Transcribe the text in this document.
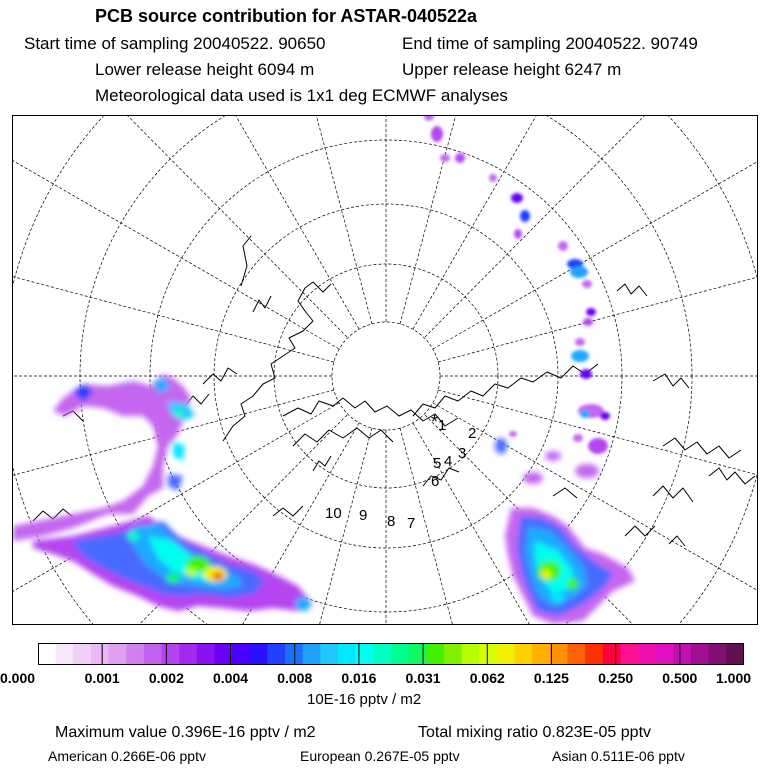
PCB source contribution for ASTAR-040522a
Start time of sampling 20040522. 90650	End time of sampling 20040522. 90749
Lower release height 6094 m	Upper release height 6247 m
Meteorological data used is 1x1 deg ECMWF analyses
1 2
3
4
5
6
7
8
9
10
*
0.000	0.001 0.002 0.004 0.008 0.016 0.031 0.062 0.125 0.250 0.500 1.000
10E-16 pptv / m2
Maximum value 0.396E-16 pptv / m2	Total mixing ratio 0.823E-05 pptv
American 0.266E-06 pptv	European 0.267E-05 pptv	Asian 0.511E-06 pptv
